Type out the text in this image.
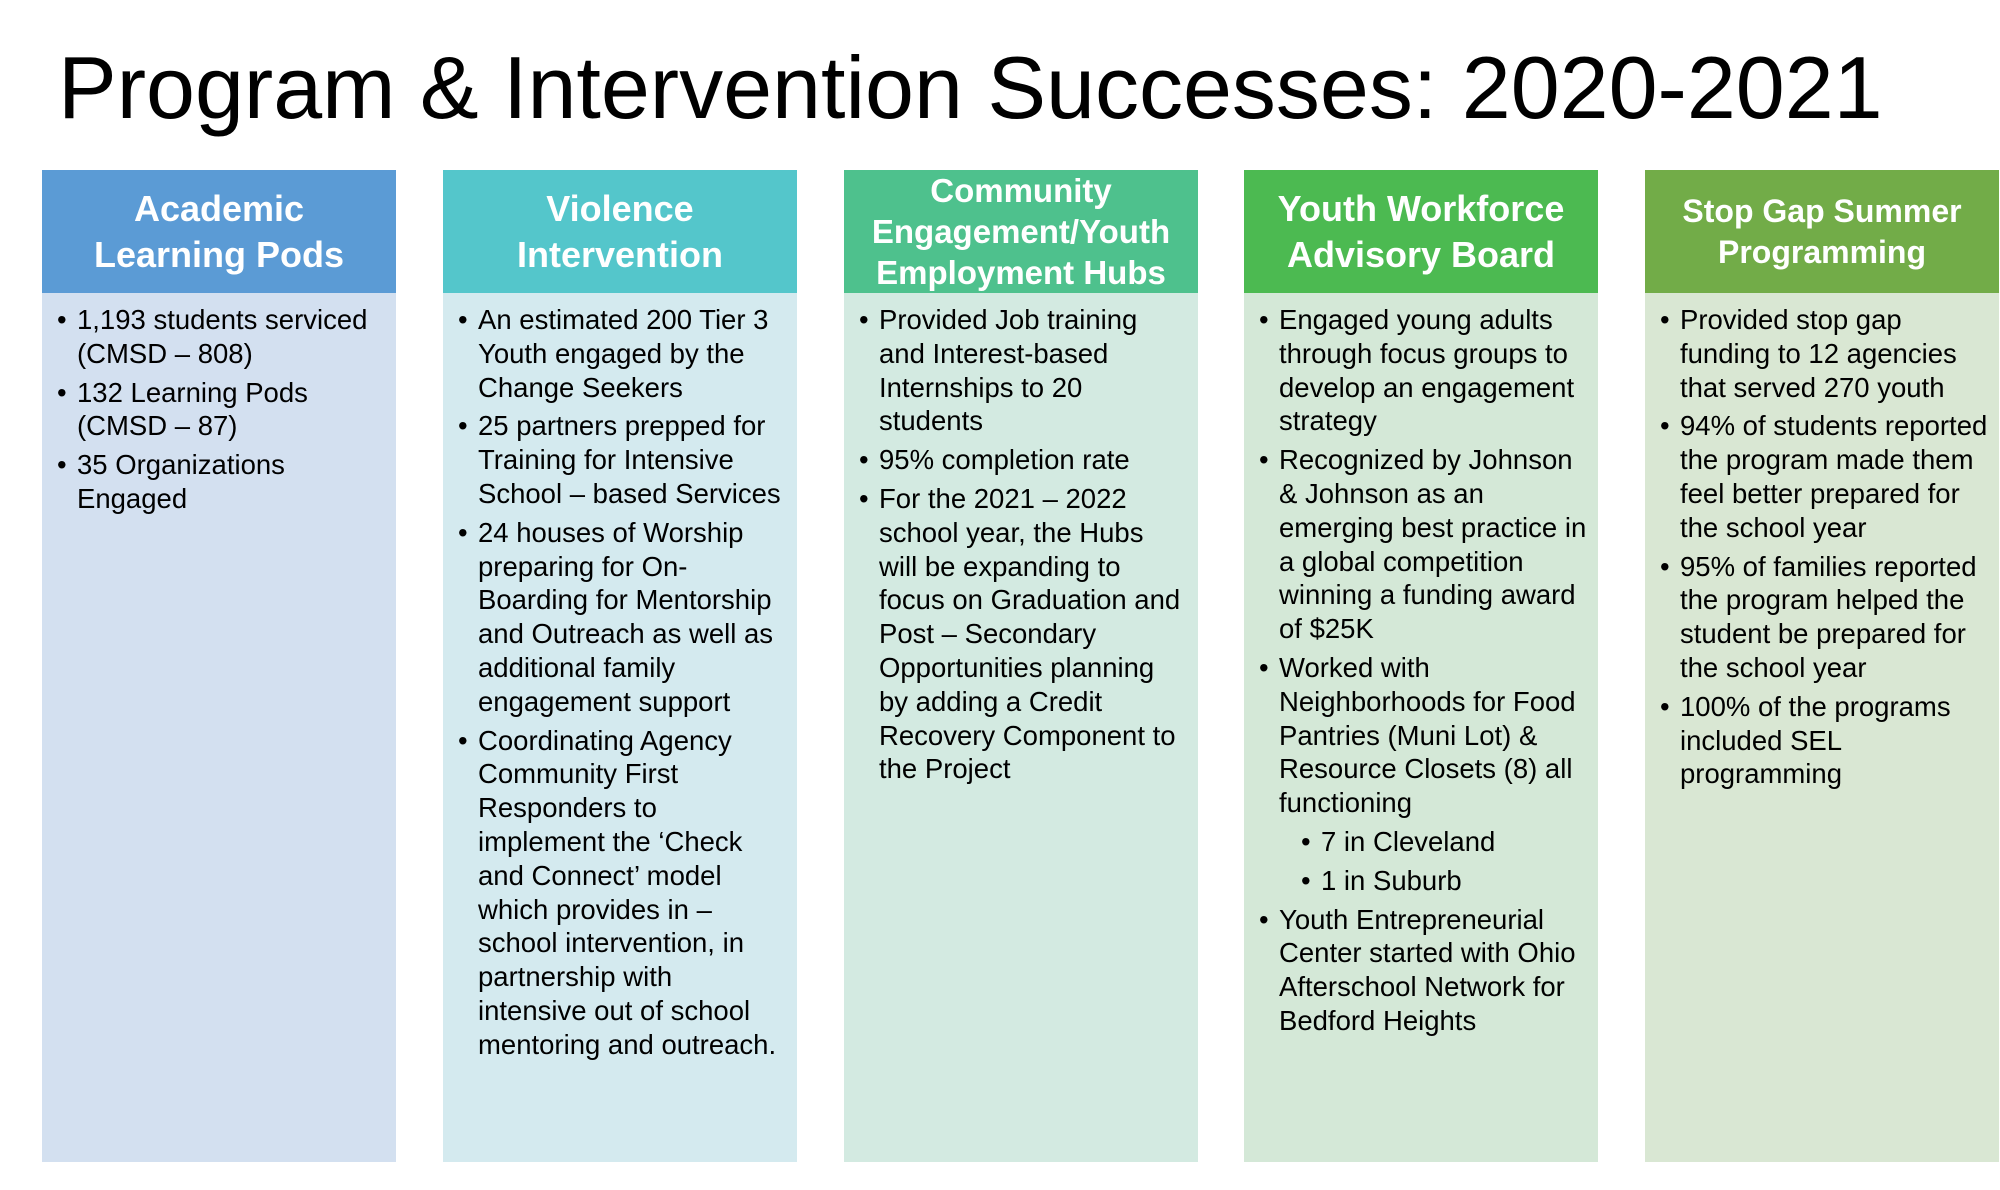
Program & Intervention Successes: 2020-2021
Academic Learning Pods
• 1,193 students serviced (CMSD – 808)
• 132 Learning Pods (CMSD – 87)
• 35 Organizations Engaged
Violence Intervention
• An estimated 200 Tier 3 Youth engaged by the Change Seekers
• 25 partners prepped for Training for Intensive School – based Services
• 24 houses of Worship preparing for On-Boarding for Mentorship and Outreach as well as additional family engagement support
• Coordinating Agency Community First Responders to implement the ‘Check and Connect’ model which provides in – school intervention, in partnership with intensive out of school mentoring and outreach.
Community Engagement/Youth Employment Hubs
• Provided Job training and Interest-based Internships to 20 students
• 95% completion rate
• For the 2021 – 2022 school year, the Hubs will be expanding to focus on Graduation and Post – Secondary Opportunities planning by adding a Credit Recovery Component to the Project
Youth Workforce Advisory Board
• Engaged young adults through focus groups to develop an engagement strategy
• Recognized by Johnson & Johnson as an emerging best practice in a global competition winning a funding award of $25K
• Worked with Neighborhoods for Food Pantries (Muni Lot) & Resource Closets (8) all functioning
• 7 in Cleveland
• 1 in Suburb
• Youth Entrepreneurial Center started with Ohio Afterschool Network for Bedford Heights
Stop Gap Summer Programming
• Provided stop gap funding to 12 agencies that served 270 youth
• 94% of students reported the program made them feel better prepared for the school year
• 95% of families reported the program helped the student be prepared for the school year
• 100% of the programs included SEL programming
